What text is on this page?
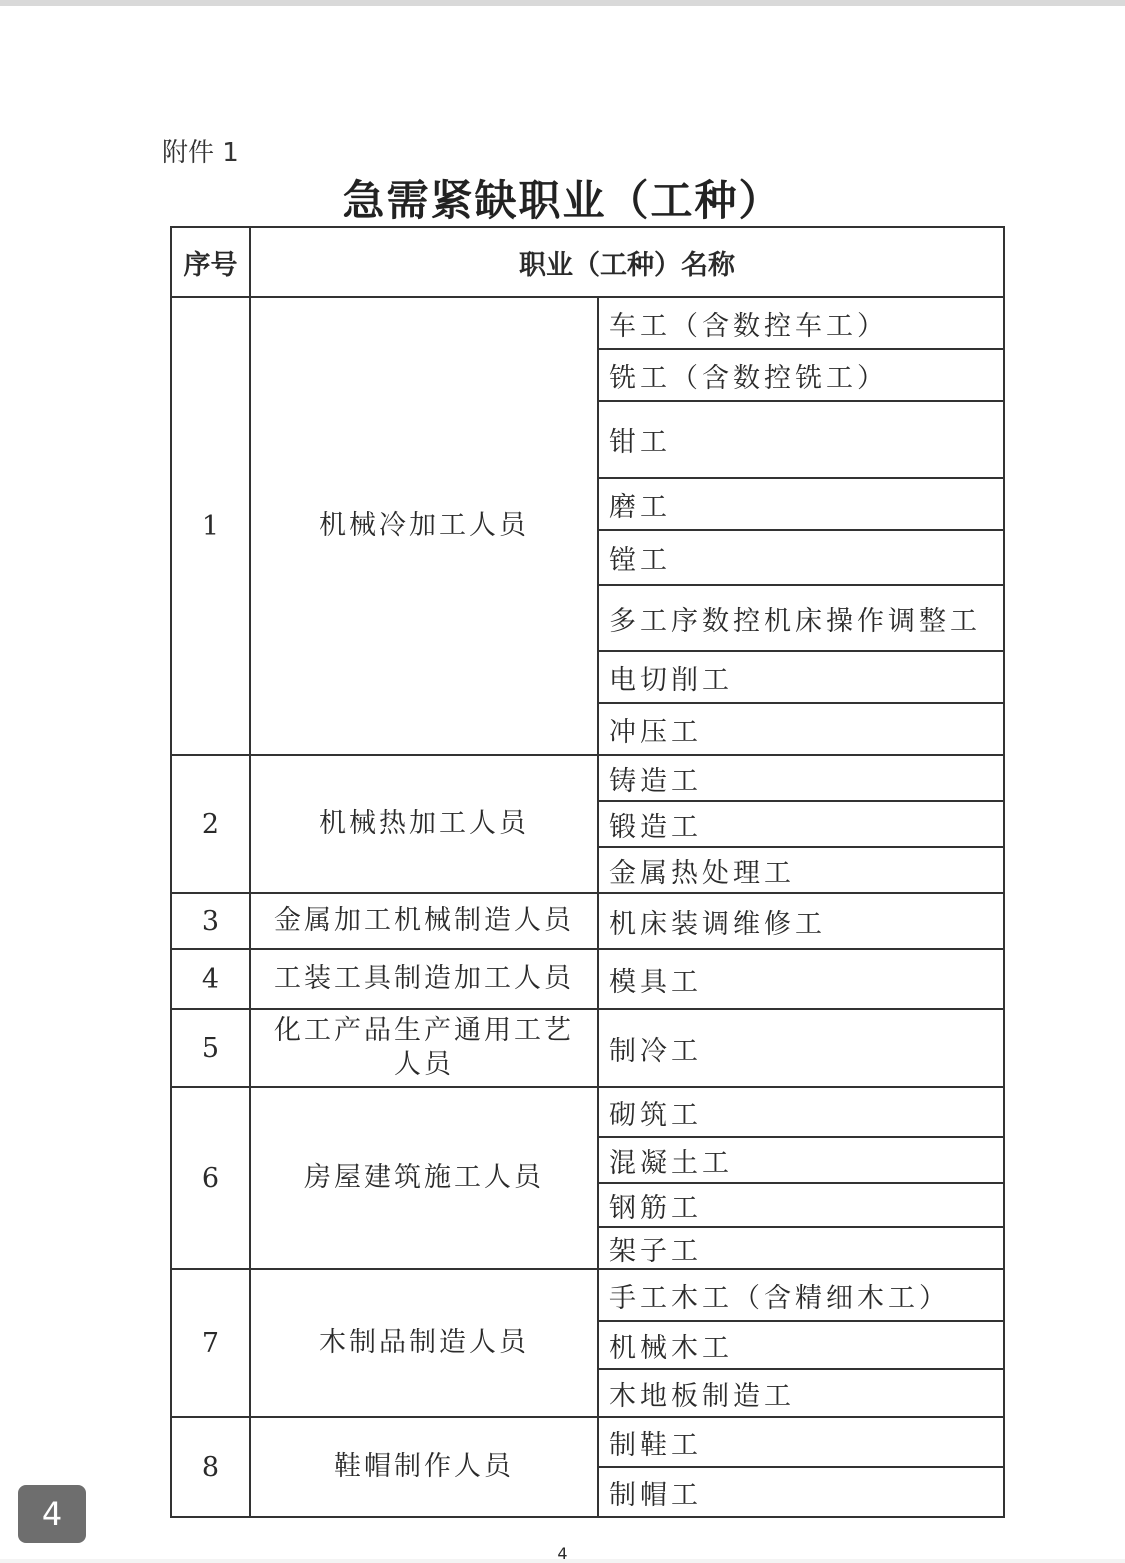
附件 1
急需紧缺职业（工种）
序号	职业（工种）名称	
1	机械冷加工人员	车工（含数控车工）
		铣工（含数控铣工）
		钳工
		磨工
		镗工
		多工序数控机床操作调整工
		电切削工
		冲压工
2	机械热加工人员	铸造工
		锻造工
		金属热处理工
3	金属加工机械制造人员	机床装调维修工
4	工装工具制造加工人员	模具工
5	化工产品生产通用工艺人员	制冷工
6	房屋建筑施工人员	砌筑工
		混凝土工
		钢筋工
		架子工
7	木制品制造人员	手工木工（含精细木工）
		机械木工
		木地板制造工
8	鞋帽制作人员	制鞋工
		制帽工
4
4
